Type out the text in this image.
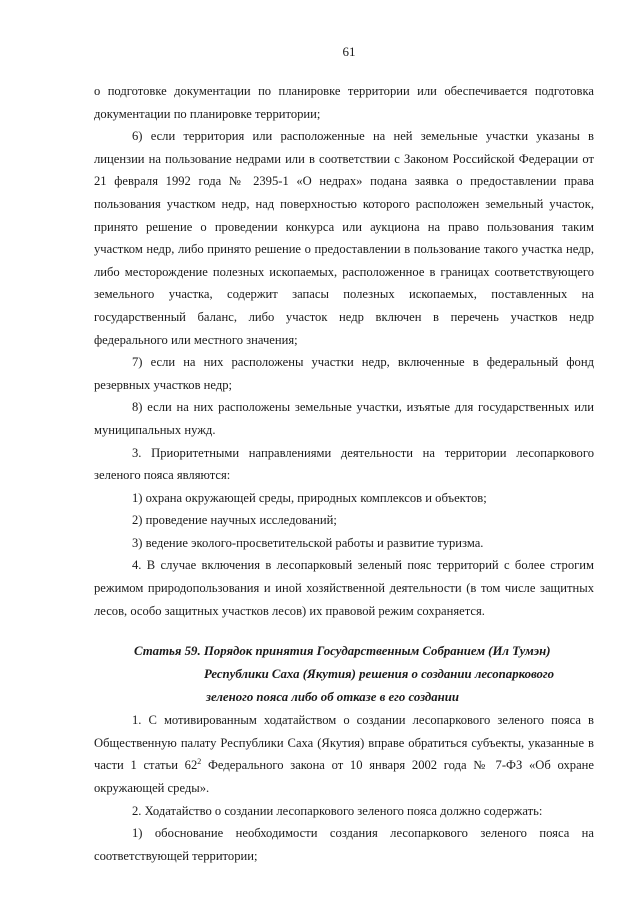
61

о подготовке документации по планировке территории или обеспечивается подготовка документации по планировке территории;

6) если территория или расположенные на ней земельные участки указаны в лицензии на пользование недрами или в соответствии с Законом Российской Федерации от 21 февраля 1992 года № 2395-1 «О недрах» подана заявка о предоставлении права пользования участком недр, над поверхностью которого расположен земельный участок, принято решение о проведении конкурса или аукциона на право пользования таким участком недр, либо принято решение о предоставлении в пользование такого участка недр, либо месторождение полезных ископаемых, расположенное в границах соответствующего земельного участка, содержит запасы полезных ископаемых, поставленных на государственный баланс, либо участок недр включен в перечень участков недр федерального или местного значения;

7) если на них расположены участки недр, включенные в федеральный фонд резервных участков недр;

8) если на них расположены земельные участки, изъятые для государственных или муниципальных нужд.

3. Приоритетными направлениями деятельности на территории лесопаркового зеленого пояса являются:

1) охрана окружающей среды, природных комплексов и объектов;

2) проведение научных исследований;

3) ведение эколого-просветительской работы и развитие туризма.

4. В случае включения в лесопарковый зеленый пояс территорий с более строгим режимом природопользования и иной хозяйственной деятельности (в том числе защитных лесов, особо защитных участков лесов) их правовой режим сохраняется.

Статья 59. Порядок принятия Государственным Собранием (Ил Тумэн)
Республики Саха (Якутия) решения о создании лесопаркового
зеленого пояса либо об отказе в его создании

1. С мотивированным ходатайством о создании лесопаркового зеленого пояса в Общественную палату Республики Саха (Якутия) вправе обратиться субъекты, указанные в части 1 статьи $62^2$ Федерального закона от 10 января 2002 года № 7-ФЗ «Об охране окружающей среды».

2. Ходатайство о создании лесопаркового зеленого пояса должно содержать:

1) обоснование необходимости создания лесопаркового зеленого пояса на соответствующей территории;
